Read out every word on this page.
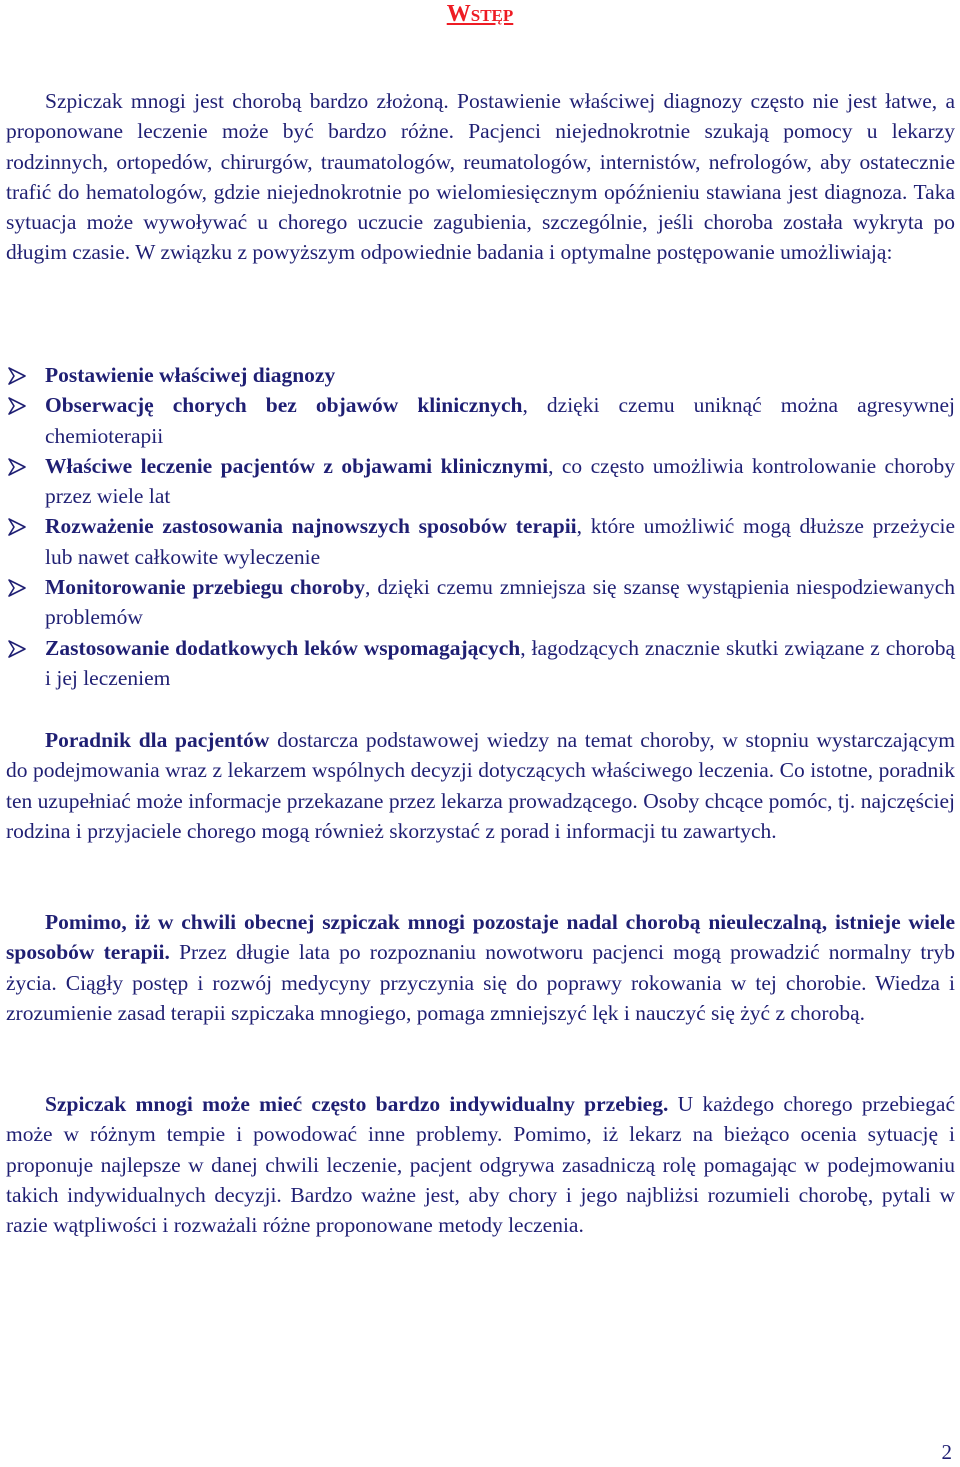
Wstęp

Szpiczak mnogi jest chorobą bardzo złożoną. Postawienie właściwej diagnozy często nie jest łatwe, a proponowane leczenie może być bardzo różne. Pacjenci niejednokrotnie szukają pomocy u lekarzy rodzinnych, ortopedów, chirurgów, traumatologów, reumatologów, internistów, nefrologów, aby ostatecznie trafić do hematologów, gdzie niejednokrotnie po wielomiesięcznym opóźnieniu stawiana jest diagnoza. Taka sytuacja może wywoływać u chorego uczucie zagubienia, szczególnie, jeśli choroba została wykryta po długim czasie. W związku z powyższym odpowiednie badania i optymalne postępowanie umożliwiają:

Postawienie właściwej diagnozy
Obserwację chorych bez objawów klinicznych, dzięki czemu uniknąć można agresywnej chemioterapii
Właściwe leczenie pacjentów z objawami klinicznymi, co często umożliwia kontrolowanie choroby przez wiele lat
Rozważenie zastosowania najnowszych sposobów terapii, które umożliwić mogą dłuższe przeżycie lub nawet całkowite wyleczenie
Monitorowanie przebiegu choroby, dzięki czemu zmniejsza się szansę wystąpienia niespodziewanych problemów
Zastosowanie dodatkowych leków wspomagających, łagodzących znacznie skutki związane z chorobą i jej leczeniem

Poradnik dla pacjentów dostarcza podstawowej wiedzy na temat choroby, w stopniu wystarczającym do podejmowania wraz z lekarzem wspólnych decyzji dotyczących właściwego leczenia. Co istotne, poradnik ten uzupełniać może informacje przekazane przez lekarza prowadzącego. Osoby chcące pomóc, tj. najczęściej rodzina i przyjaciele chorego mogą również skorzystać z porad i informacji tu zawartych.

Pomimo, iż w chwili obecnej szpiczak mnogi pozostaje nadal chorobą nieuleczalną, istnieje wiele sposobów terapii. Przez długie lata po rozpoznaniu nowotworu pacjenci mogą prowadzić normalny tryb życia. Ciągły postęp i rozwój medycyny przyczynia się do poprawy rokowania w tej chorobie. Wiedza i zrozumienie zasad terapii szpiczaka mnogiego, pomaga zmniejszyć lęk i nauczyć się żyć z chorobą.

Szpiczak mnogi może mieć często bardzo indywidualny przebieg. U każdego chorego przebiegać może w różnym tempie i powodować inne problemy. Pomimo, iż lekarz na bieżąco ocenia sytuację i proponuje najlepsze w danej chwili leczenie, pacjent odgrywa zasadniczą rolę pomagając w podejmowaniu takich indywidualnych decyzji. Bardzo ważne jest, aby chory i jego najbliżsi rozumieli chorobę, pytali w razie wątpliwości i rozważali różne proponowane metody leczenia.

2
